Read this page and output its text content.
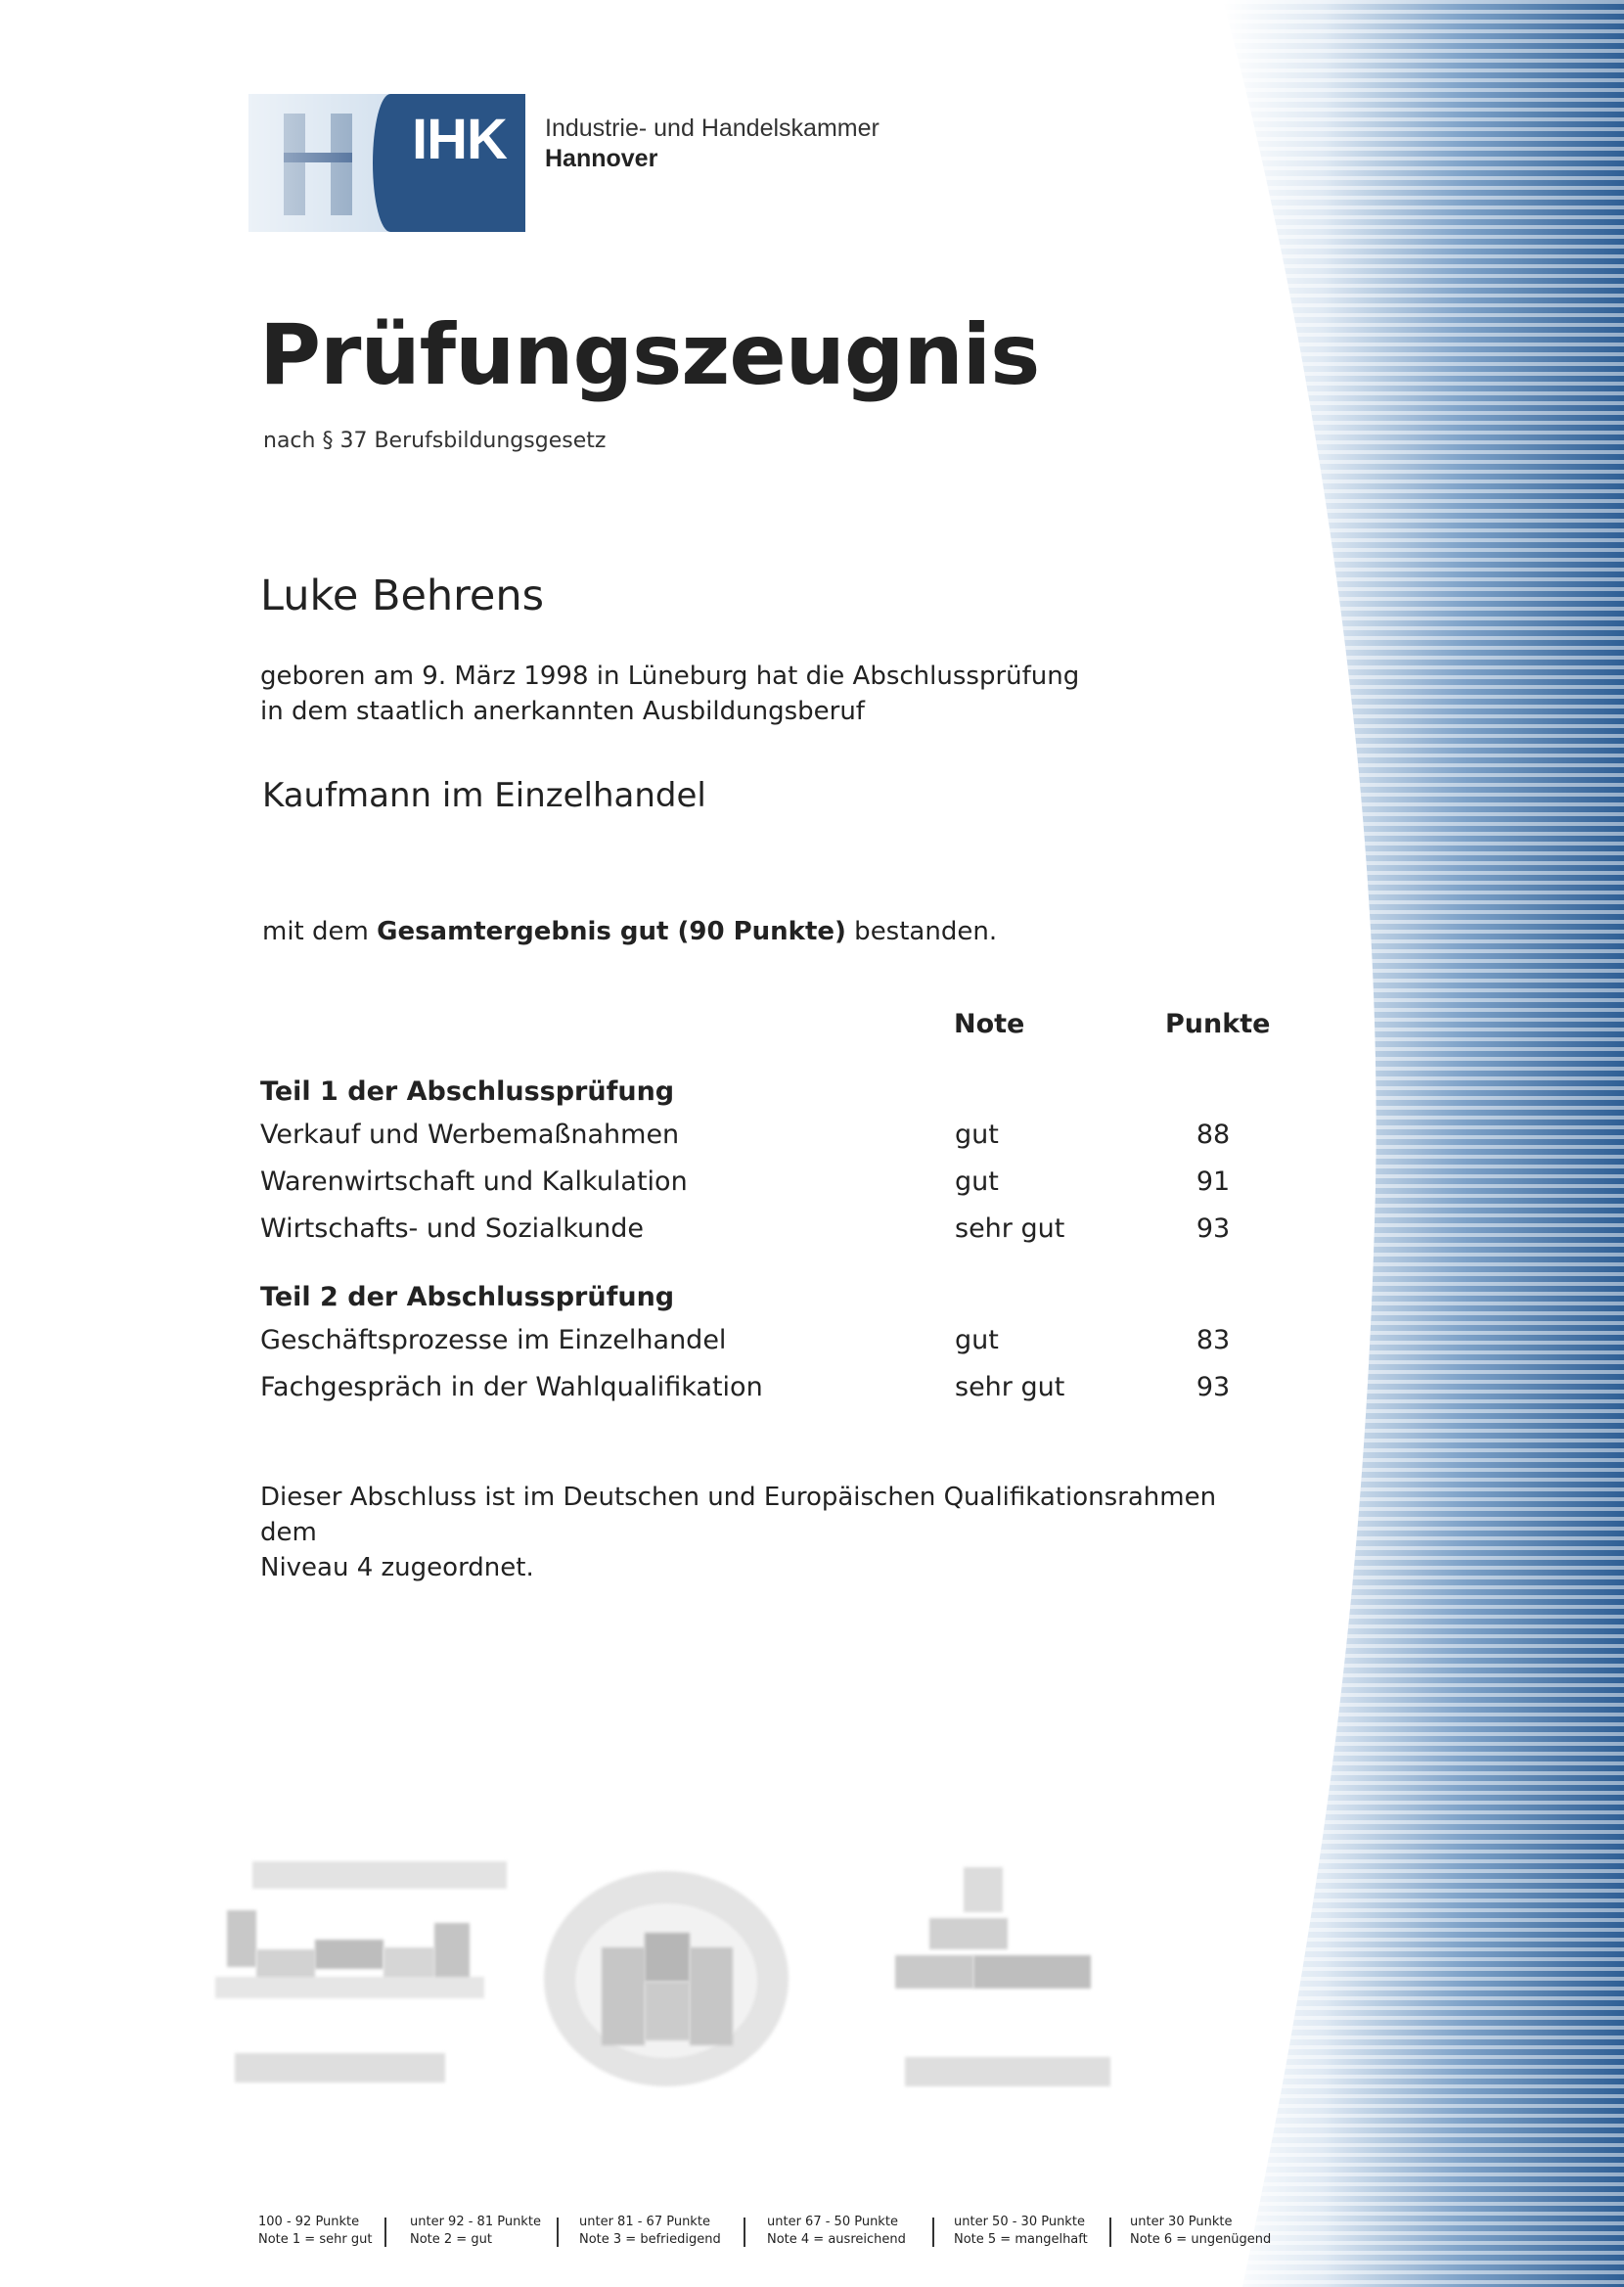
IHK	Industrie- und Handelskammer
Hannover
Prüfungszeugnis
nach § 37 Berufsbildungsgesetz
Luke Behrens
geboren am 9. März 1998 in Lüneburg hat die Abschlussprüfung
in dem staatlich anerkannten Ausbildungsberuf
Kaufmann im Einzelhandel
mit dem Gesamtergebnis gut (90 Punkte) bestanden.
Note	Punkte
Teil 1 der Abschlussprüfung
Verkauf und Werbemaßnahmen	gut	88
Warenwirtschaft und Kalkulation	gut	91
Wirtschafts- und Sozialkunde	sehr gut	93
Teil 2 der Abschlussprüfung
Geschäftsprozesse im Einzelhandel	gut	83
Fachgespräch in der Wahlqualifikation	sehr gut	93
Dieser Abschluss ist im Deutschen und Europäischen Qualifikationsrahmen dem
Niveau 4 zugeordnet.
100 - 92 Punkte
Note 1 = sehr gut
unter 92 - 81 Punkte
Note 2 = gut
unter 81 - 67 Punkte
Note 3 = befriedigend
unter 67 - 50 Punkte
Note 4 = ausreichend
unter 50 - 30 Punkte
Note 5 = mangelhaft
unter 30 Punkte
Note 6 = ungenügend
